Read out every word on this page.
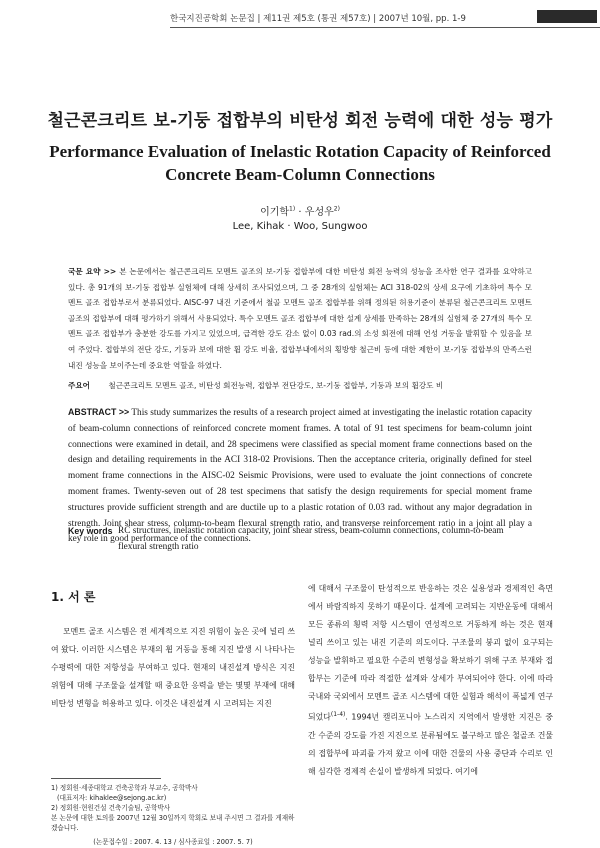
한국지진공학회 논문집 | 제11권 제5호 (통권 제57호) | 2007년 10월, pp. 1-9
철근콘크리트 보-기둥 접합부의 비탄성 회전 능력에 대한 성능 평가
Performance Evaluation of Inelastic Rotation Capacity of Reinforced
Concrete Beam-Column Connections
이기학$^{1)}$ · 우성우$^{2)}$
Lee, Kihak · Woo, Sungwoo
국문 요약 >> 본 논문에서는 철근콘크리트 모멘트 골조의 보-기둥 접합부에 대한 비탄성 회전 능력의 성능을 조사한 연구 결과를 요약하고 있다. 총 91개의 보-기둥 접합부 실험체에 대해 상세히 조사되었으며, 그 중 28개의 실험체는 ACI 318-02의 상세 요구에 기초하여 특수 모멘트 골조 접합부로서 분류되었다. AISC-97 내진 기준에서 철골 모멘트 골조 접합부를 위해 정의된 허용기준이 분류된 철근콘크리트 모멘트 골조의 접합부에 대해 평가하기 위해서 사용되었다. 특수 모멘트 골조 접합부에 대한 설계 상세를 만족하는 28개의 실험체 중 27개의 특수 모멘트 골조 접합부가 충분한 강도를 가지고 있었으며, 급격한 강도 감소 없이 0.03 rad.의 소성 회전에 대해 연성 거동을 발휘할 수 있음을 보여 주었다. 접합부의 전단 강도, 기둥과 보에 대한 휨 강도 비율, 접합부내에서의 횡방향 철근비 등에 대한 제한이 보-기둥 접합부의 만족스런 내진 성능을 보이주는데 중요한 역할을 하였다.
주요어 철근콘크리트 모멘트 골조, 비탄성 회전능력, 접합부 전단강도, 보-기둥 접합부, 기둥과 보의 휨강도 비
ABSTRACT >> This study summarizes the results of a research project aimed at investigating the inelastic rotation capacity of beam-column connections of reinforced concrete moment frames. A total of 91 test specimens for beam-column joint connections were examined in detail, and 28 specimens were classified as special moment frame connections based on the design and detailing requirements in the ACI 318-02 Provisions. Then the acceptance criteria, originally defined for steel moment frame connections in the AISC-02 Seismic Provisions, were used to evaluate the joint connections of concrete moment frames. Twenty-seven out of 28 test specimens that satisfy the design requirements for special moment frame structures provide sufficient strength and are ductile up to a plastic rotation of 0.03 rad. without any major degradation in strength. Joint shear stress, column-to-beam flexural strength ratio, and transverse reinforcement ratio in a joint all play a key role in good performance of the connections.
Key words RC structures, inelastic rotation capacity, joint shear stress, beam-column connections, column-to-beam flexural strength ratio
1. 서 론

모멘트 골조 시스템은 전 세계적으로 지진 위험이 높은 곳에 널리 쓰여 왔다. 이러한 시스템은 부재의 휨 거동을 통해 지진 발생 시 나타나는 수평력에 대한 저항성을 부여하고 있다. 현재의 내진설계 방식은 지진 위험에 대해 구조물을 설계할 때 중요한 응력을 받는 몇몇 부재에 대해 비탄성 변형을 허용하고 있다. 이것은 내진설계 시 고려되는 지진

에 대해서 구조물이 탄성적으로 반응하는 것은 실용성과 경제적인 측면에서 바람직하지 못하기 때문이다. 설계에 고려되는 지반운동에 대해서 모든 종류의 횡력 저항 시스템이 연성적으로 거동하게 하는 것은 현재 널리 쓰이고 있는 내진 기준의 의도이다. 구조물의 붕괴 없이 요구되는 성능을 발휘하고 필요한 수준의 변형성을 확보하기 위해 구조 부재와 접합부는 기준에 따라 적절한 설계와 상세가 부여되어야 한다. 이에 따라 국내와 국외에서 모멘트 골조 시스템에 대한 실험과 해석이 폭넓게 연구되었다$^{(1-4)}$. 1994년 캘리포니아 노스리지 지역에서 발생한 지진은 중간 수준의 강도를 가진 지진으로 분류됨에도 불구하고 많은 철골조 건물의 접합부에 파괴를 가져 왔고 이에 대한 건물의 사용 중단과 수리로 인해 심각한 경제적 손실이 발생하게 되었다. 여기에

1) 정회원·세종대학교 건축공학과 부교수, 공학박사

(대표저자: kihaklee@sejong.ac.kr)

2) 정회원·현원건설 건축기술팀, 공학박사

본 논문에 대한 토의를 2007년 12월 30일까지 학회로 보내 주시면 그 결과를 게재하겠습니다.

(논문접수일 : 2007. 4. 13 / 심사종료일 : 2007. 5. 7)
